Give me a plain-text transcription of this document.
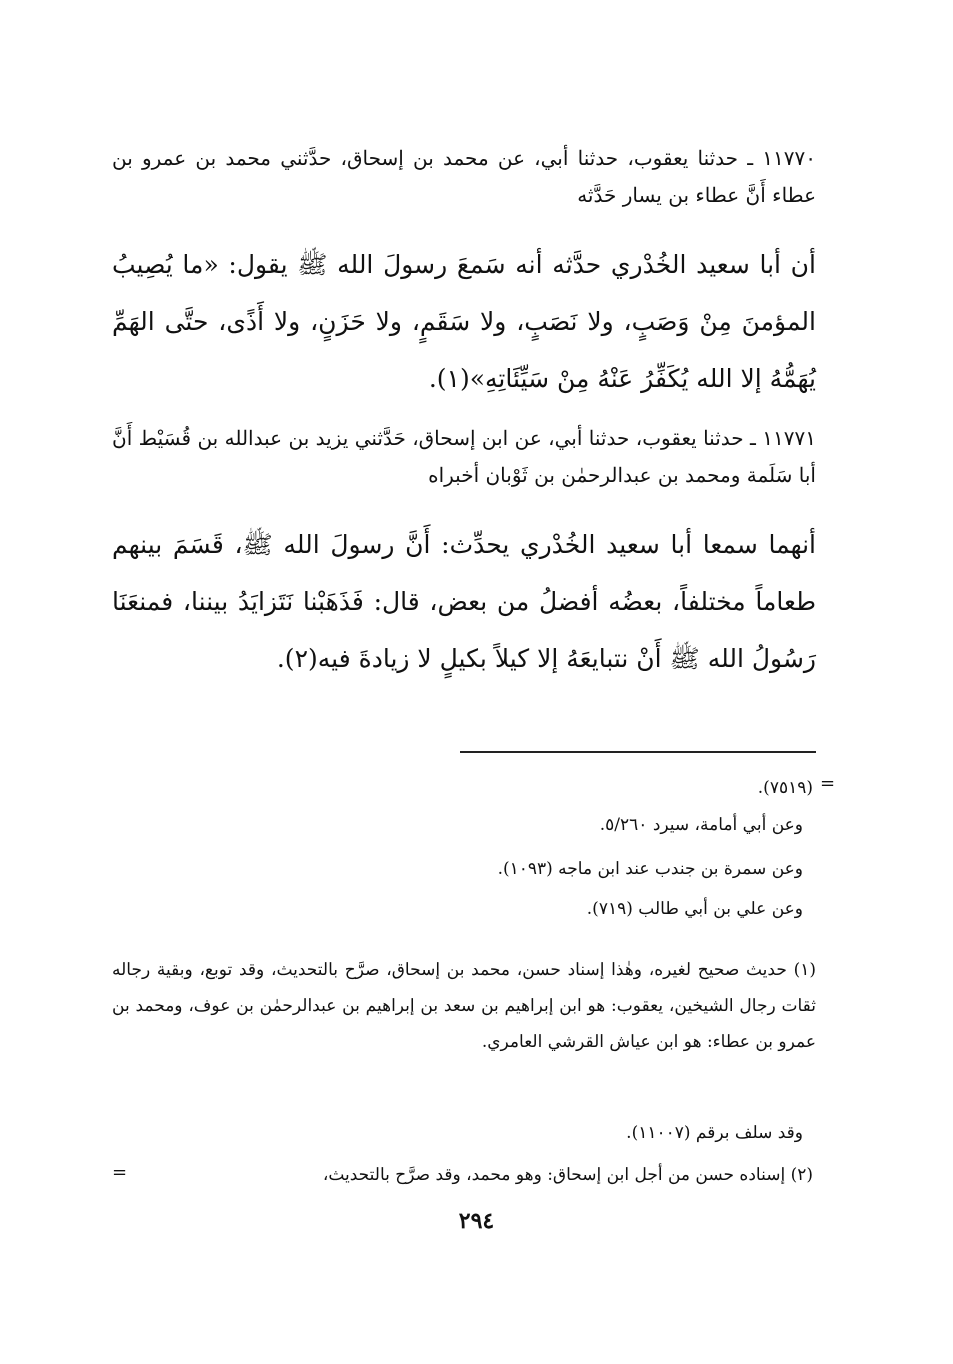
١١٧٧٠ ـ حدثنا يعقوب، حدثنا أبي، عن محمد بن إسحاق، حدَّثني محمد بن عمرو بن عطاء أَنَّ عطاء بن يسار حَدَّثه

أن أبا سعيد الخُدْري حدَّثه أنه سَمعَ رسولَ الله ﷺ يقول: «ما يُصِيبُ المؤمنَ مِنْ وَصَبٍ، ولا نَصَبٍ، ولا سَقَمٍ، ولا حَزَنٍ، ولا أَذًى، حتَّى الهَمِّ يُهَمُّهُ إلا الله يُكَفِّرُ عَنْهُ مِنْ سَيِّئَاتِهِ»(١).

١١٧٧١ ـ حدثنا يعقوب، حدثنا أبي، عن ابن إسحاق، حَدَّثني يزيد بن عبدالله بن قُسَيْط أَنَّ أبا سَلَمة ومحمد بن عبدالرحمٰن بن ثَوْبان أخبراه

أنهما سمعا أبا سعيد الخُدْري يحدِّث: أَنَّ رسولَ الله ﷺ، قَسَمَ بينهم طعاماً مختلفاً، بعضُه أفضلُ من بعض، قال: فَذَهَبْنا نَتَزايَدُ بيننا، فمنعَنَا رَسُولُ الله ﷺ أَنْ نتبايعَهُ إلا كيلاً بكيلٍ لا زيادةَ فيه(٢).

=
(٧٥١٩).
وعن أبي أمامة، سيرد ٥/٢٦٠.
وعن سمرة بن جندب عند ابن ماجه (١٠٩٣).
وعن علي بن أبي طالب (٧١٩).

(١) حديث صحيح لغيره، وهٰذا إسناد حسن، محمد بن إسحاق، صرَّح بالتحديث، وقد توبع، وبقية رجاله ثقات رجال الشيخين، يعقوب: هو ابن إبراهيم بن سعد بن إبراهيم بن عبدالرحمٰن بن عوف، ومحمد بن عمرو بن عطاء: هو ابن عياش القرشي العامري.

وقد سلف برقم (١١٠٠٧).
(٢) إسناده حسن من أجل ابن إسحاق: وهو محمد، وقد صرَّح بالتحديث،
=
٢٩٤
